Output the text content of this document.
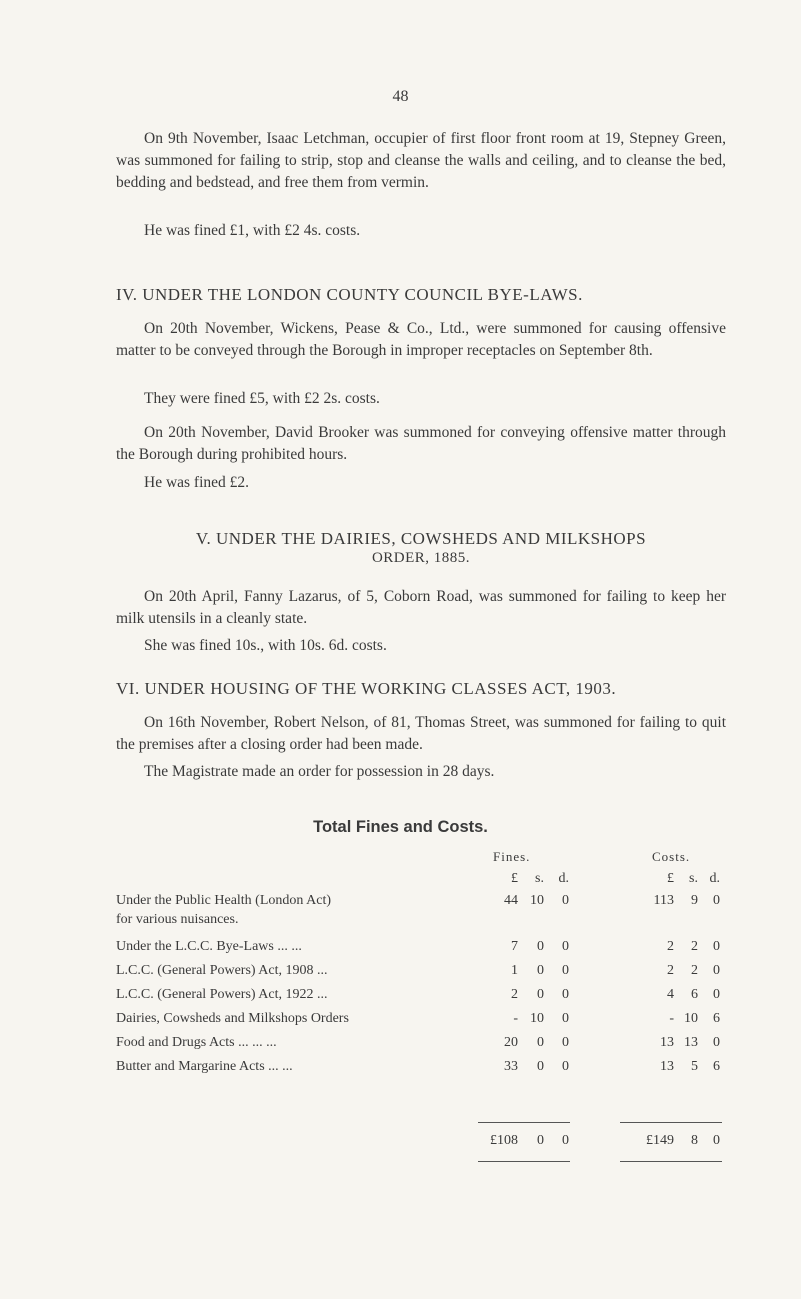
48

On 9th November, Isaac Letchman, occupier of first floor front room at 19, Stepney Green, was summoned for failing to strip, stop and cleanse the walls and ceiling, and to cleanse the bed, bedding and bedstead, and free them from vermin.

He was fined £1, with £2 4s. costs.
IV. UNDER THE LONDON COUNTY COUNCIL BYE-LAWS.

On 20th November, Wickens, Pease & Co., Ltd., were summoned for causing offensive matter to be conveyed through the Borough in improper receptacles on September 8th.

They were fined £5, with £2 2s. costs.

On 20th November, David Brooker was summoned for conveying offensive matter through the Borough during prohibited hours.

He was fined £2.
V. UNDER THE DAIRIES, COWSHEDS AND MILKSHOPS
ORDER, 1885.

On 20th April, Fanny Lazarus, of 5, Coborn Road, was summoned for failing to keep her milk utensils in a cleanly state.

She was fined 10s., with 10s. 6d. costs.
VI. UNDER HOUSING OF THE WORKING CLASSES ACT, 1903.

On 16th November, Robert Nelson, of 81, Thomas Street, was summoned for failing to quit the premises after a closing order had been made.

The Magistrate made an order for possession in 28 days.
Total Fines and Costs.
Fines.	Costs.
£	s.	d.	£	s. d.
Under the Public Health (London Act)
for various nuisances.
44 10	0	113	9	0
Under the L.C.C. Bye-Laws ... ...	7	0	0	2	2	0
L.C.C. (General Powers) Act, 1908 ...	1	0	0	2	2	0
L.C.C. (General Powers) Act, 1922 ...	2	0	0	4	6	0
Dairies, Cowsheds and Milkshops Orders	- 10	0	- 10	6
Food and Drugs Acts ... ... ...	20	0	0	13 13	0
Butter and Margarine Acts ... ...	33	0	0	13	5	6
£108	0	0	£149	8	0
